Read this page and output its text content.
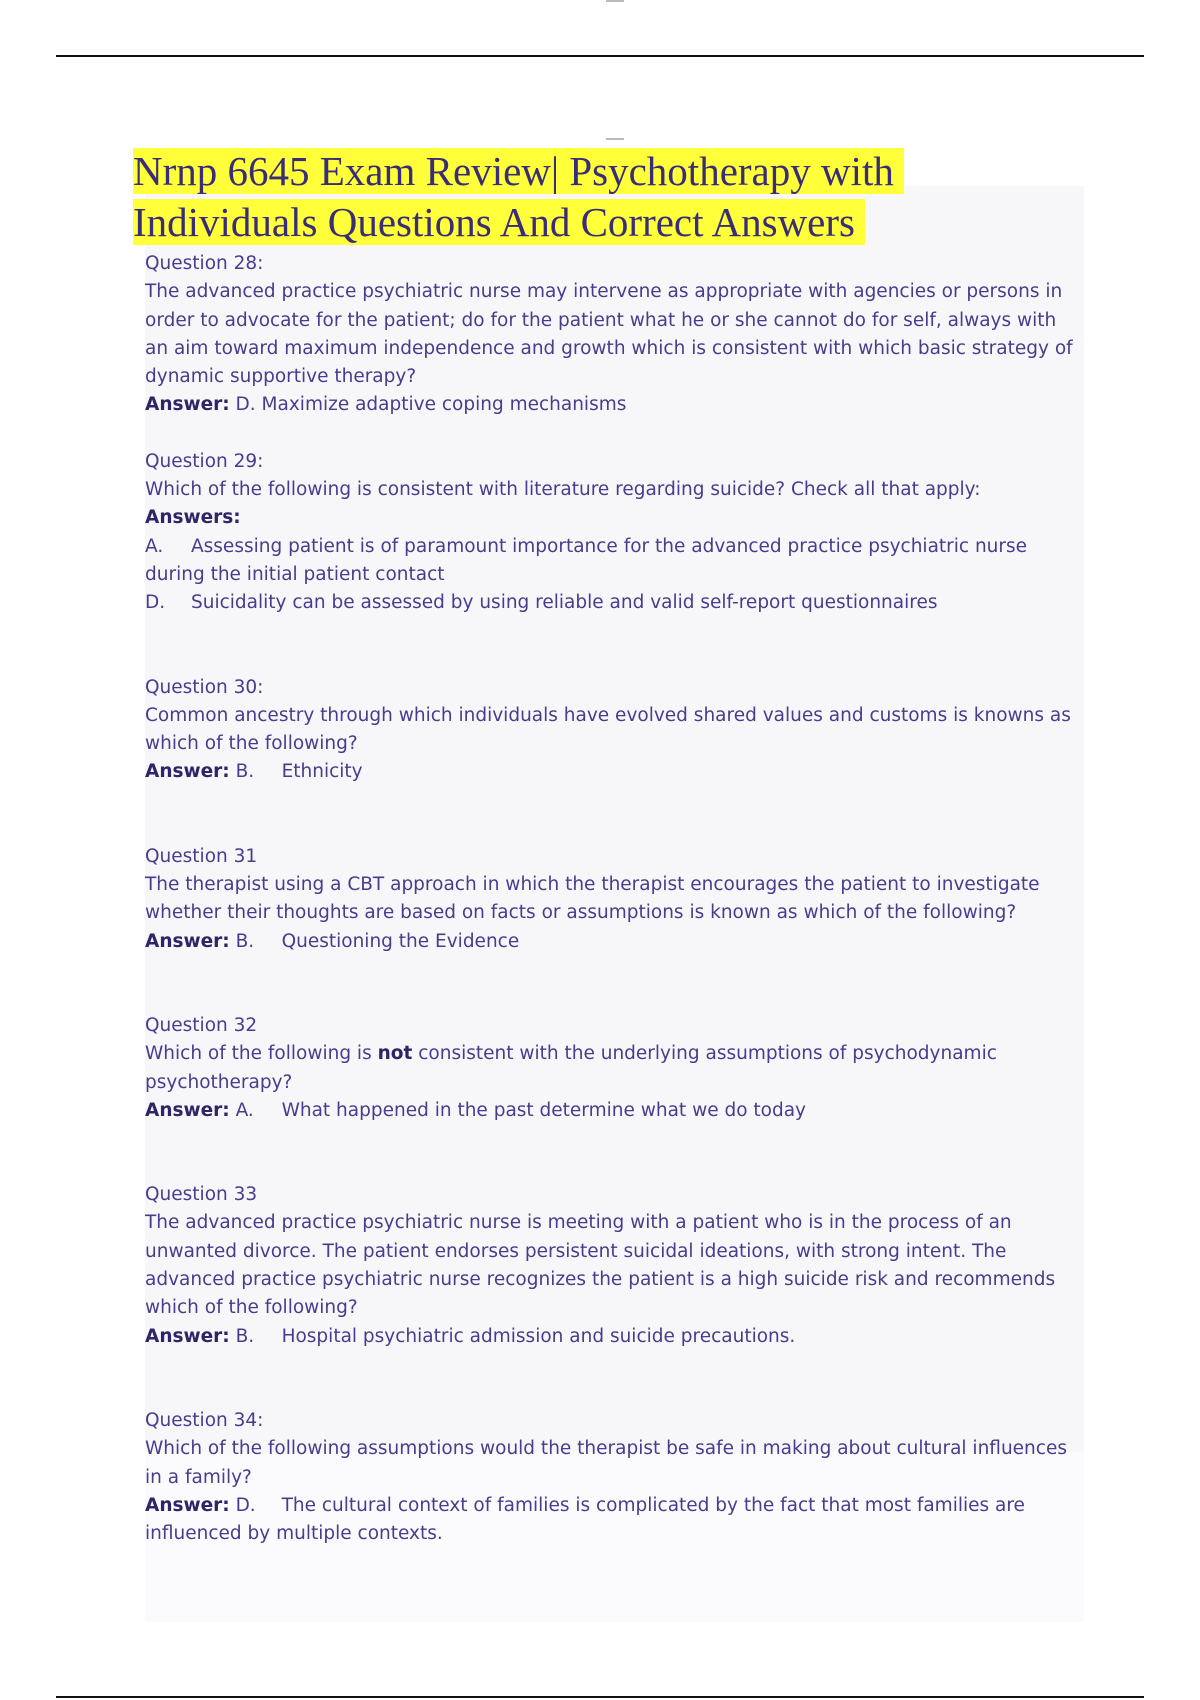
Nrnp 6645 Exam Review| Psychotherapy with
Individuals Questions And Correct Answers

Question 28:

The advanced practice psychiatric nurse may intervene as appropriate with agencies or persons in order to advocate for the patient; do for the patient what he or she cannot do for self, always with an aim toward maximum independence and growth which is consistent with which basic strategy of dynamic supportive therapy?

Answer: D. Maximize adaptive coping mechanisms

Question 29:

Which of the following is consistent with literature regarding suicide? Check all that apply:

Answers:

A. Assessing patient is of paramount importance for the advanced practice psychiatric nurse during the initial patient contact

D. Suicidality can be assessed by using reliable and valid self-report questionnaires

Question 30:

Common ancestry through which individuals have evolved shared values and customs is knowns as which of the following?

Answer: B. Ethnicity

Question 31

The therapist using a CBT approach in which the therapist encourages the patient to investigate whether their thoughts are based on facts or assumptions is known as which of the following?

Answer: B. Questioning the Evidence

Question 32

Which of the following is not consistent with the underlying assumptions of psychodynamic psychotherapy?

Answer: A. What happened in the past determine what we do today

Question 33

The advanced practice psychiatric nurse is meeting with a patient who is in the process of an unwanted divorce. The patient endorses persistent suicidal ideations, with strong intent. The advanced practice psychiatric nurse recognizes the patient is a high suicide risk and recommends which of the following?

Answer: B. Hospital psychiatric admission and suicide precautions.

Question 34:

Which of the following assumptions would the therapist be safe in making about cultural influences in a family?

Answer: D. The cultural context of families is complicated by the fact that most families are influenced by multiple contexts.
